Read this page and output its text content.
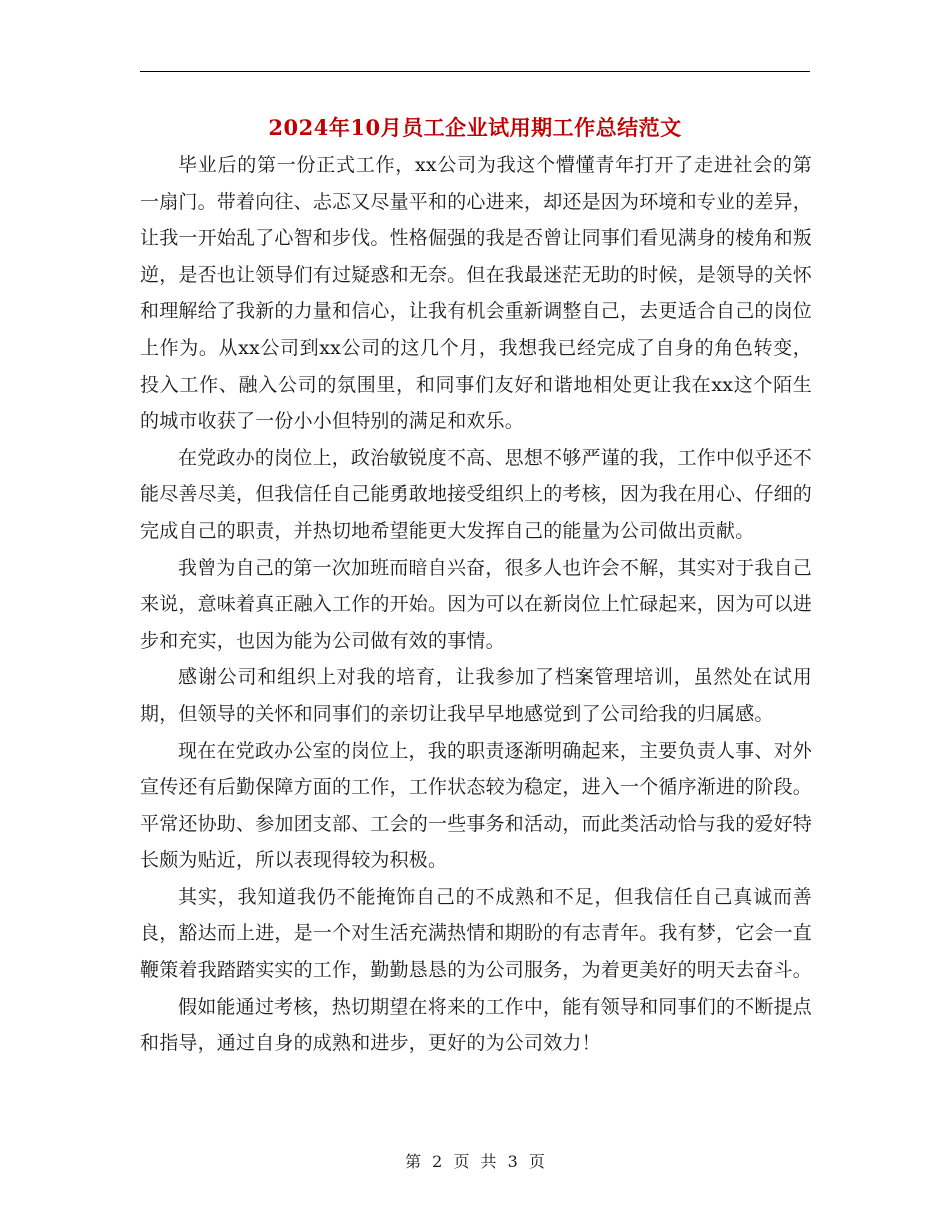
2024年10月员工企业试用期工作总结范文

毕业后的第一份正式工作，xx公司为我这个懵懂青年打开了走进社会的第一扇门。带着向往、忐忑又尽量平和的心进来，却还是因为环境和专业的差异，让我一开始乱了心智和步伐。性格倔强的我是否曾让同事们看见满身的棱角和叛逆，是否也让领导们有过疑惑和无奈。但在我最迷茫无助的时候，是领导的关怀和理解给了我新的力量和信心，让我有机会重新调整自己，去更适合自己的岗位上作为。从xx公司到xx公司的这几个月，我想我已经完成了自身的角色转变，投入工作、融入公司的氛围里，和同事们友好和谐地相处更让我在xx这个陌生的城市收获了一份小小但特别的满足和欢乐。

在党政办的岗位上，政治敏锐度不高、思想不够严谨的我，工作中似乎还不能尽善尽美，但我信任自己能勇敢地接受组织上的考核，因为我在用心、仔细的完成自己的职责，并热切地希望能更大发挥自己的能量为公司做出贡献。

我曾为自己的第一次加班而暗自兴奋，很多人也许会不解，其实对于我自己来说，意味着真正融入工作的开始。因为可以在新岗位上忙碌起来，因为可以进步和充实，也因为能为公司做有效的事情。

感谢公司和组织上对我的培育，让我参加了档案管理培训，虽然处在试用期，但领导的关怀和同事们的亲切让我早早地感觉到了公司给我的归属感。

现在在党政办公室的岗位上，我的职责逐渐明确起来，主要负责人事、对外宣传还有后勤保障方面的工作，工作状态较为稳定，进入一个循序渐进的阶段。平常还协助、参加团支部、工会的一些事务和活动，而此类活动恰与我的爱好特长颇为贴近，所以表现得较为积极。

其实，我知道我仍不能掩饰自己的不成熟和不足，但我信任自己真诚而善良，豁达而上进，是一个对生活充满热情和期盼的有志青年。我有梦，它会一直鞭策着我踏踏实实的工作，勤勤恳恳的为公司服务，为着更美好的明天去奋斗。

假如能通过考核，热切期望在将来的工作中，能有领导和同事们的不断提点和指导，通过自身的成熟和进步，更好的为公司效力！

第 2 页 共 3 页
